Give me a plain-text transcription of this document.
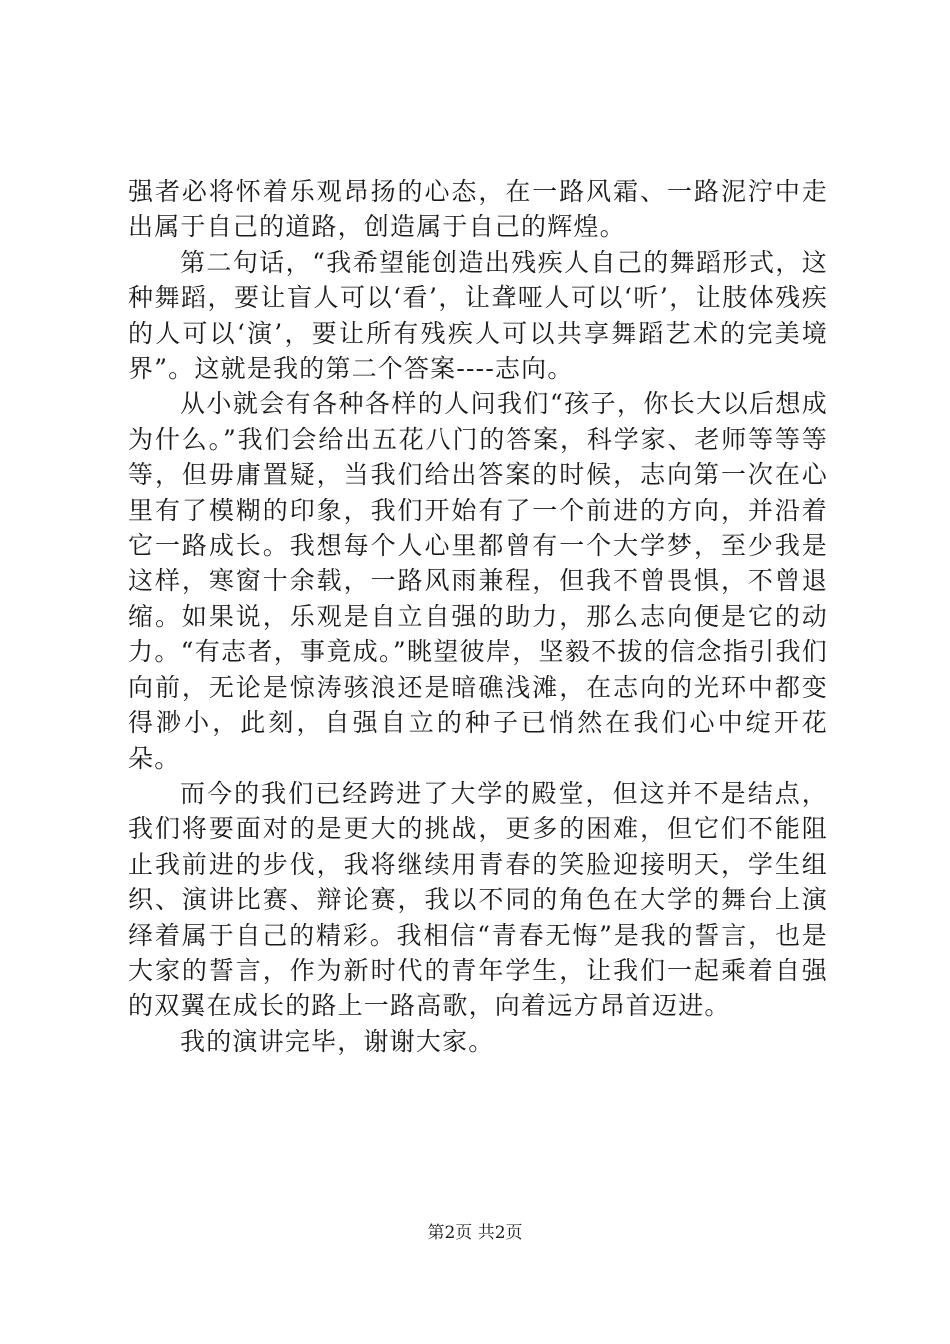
强者必将怀着乐观昂扬的心态，在一路风霜、一路泥泞中走出属于自己的道路，创造属于自己的辉煌。

第二句话，“我希望能创造出残疾人自己的舞蹈形式，这种舞蹈，要让盲人可以‘看’，让聋哑人可以‘听’，让肢体残疾的人可以‘演’，要让所有残疾人可以共享舞蹈艺术的完美境界”。这就是我的第二个答案----志向。

从小就会有各种各样的人问我们“孩子，你长大以后想成为什么。”我们会给出五花八门的答案，科学家、老师等等等等，但毋庸置疑，当我们给出答案的时候，志向第一次在心里有了模糊的印象，我们开始有了一个前进的方向，并沿着它一路成长。我想每个人心里都曾有一个大学梦，至少我是这样，寒窗十余载，一路风雨兼程，但我不曾畏惧，不曾退缩。如果说，乐观是自立自强的助力，那么志向便是它的动力。“有志者，事竟成。”眺望彼岸，坚毅不拔的信念指引我们向前，无论是惊涛骇浪还是暗礁浅滩，在志向的光环中都变得渺小，此刻，自强自立的种子已悄然在我们心中绽开花朵。

而今的我们已经跨进了大学的殿堂，但这并不是结点，我们将要面对的是更大的挑战，更多的困难，但它们不能阻止我前进的步伐，我将继续用青春的笑脸迎接明天，学生组织、演讲比赛、辩论赛，我以不同的角色在大学的舞台上演绎着属于自己的精彩。我相信“青春无悔”是我的誓言，也是大家的誓言，作为新时代的青年学生，让我们一起乘着自强的双翼在成长的路上一路高歌，向着远方昂首迈进。

我的演讲完毕，谢谢大家。

第2页 共2页
